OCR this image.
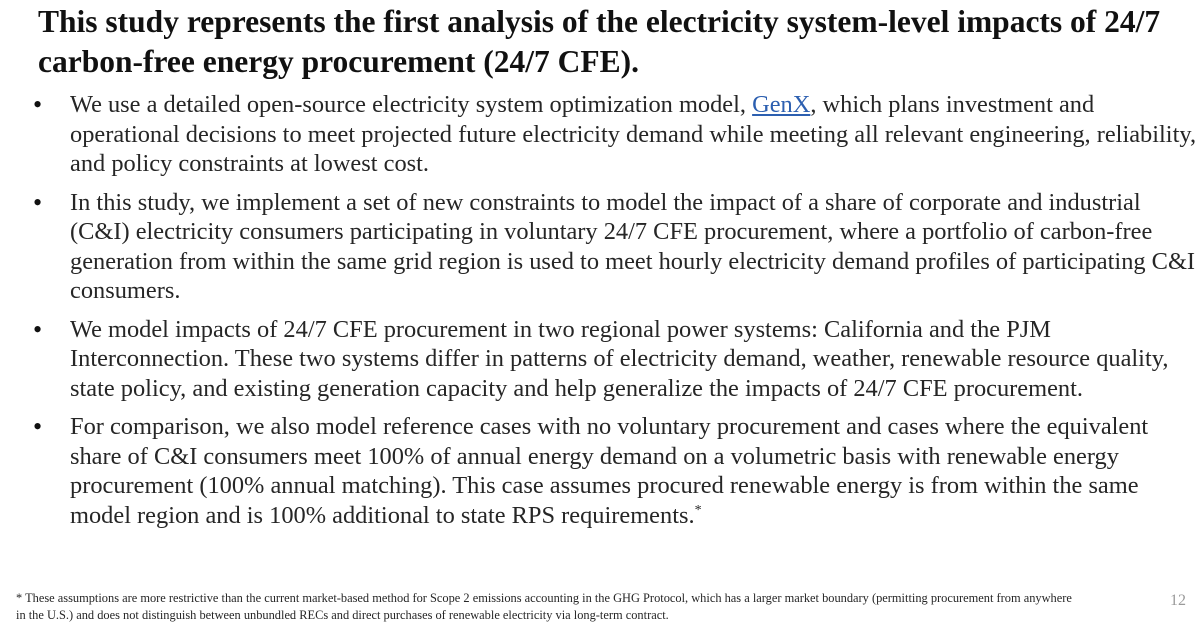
This study represents the first analysis of the electricity system-level impacts of 24/7 carbon-free energy procurement (24/7 CFE).
• We use a detailed open-source electricity system optimization model, GenX, which plans investment and operational decisions to meet projected future electricity demand while meeting all relevant engineering, reliability, and policy constraints at lowest cost.
• In this study, we implement a set of new constraints to model the impact of a share of corporate and industrial (C&I) electricity consumers participating in voluntary 24/7 CFE procurement, where a portfolio of carbon-free generation from within the same grid region is used to meet hourly electricity demand profiles of participating C&I consumers.
• We model impacts of 24/7 CFE procurement in two regional power systems: California and the PJM Interconnection. These two systems differ in patterns of electricity demand, weather, renewable resource quality, state policy, and existing generation capacity and help generalize the impacts of 24/7 CFE procurement.
• For comparison, we also model reference cases with no voluntary procurement and cases where the equivalent share of C&I consumers meet 100% of annual energy demand on a volumetric basis with renewable energy procurement (100% annual matching). This case assumes procured renewable energy is from within the same model region and is 100% additional to state RPS requirements.*
* These assumptions are more restrictive than the current market-based method for Scope 2 emissions accounting in the GHG Protocol, which has a larger market boundary (permitting procurement from anywhere in the U.S.) and does not distinguish between unbundled RECs and direct purchases of renewable electricity via long-term contract.
12
